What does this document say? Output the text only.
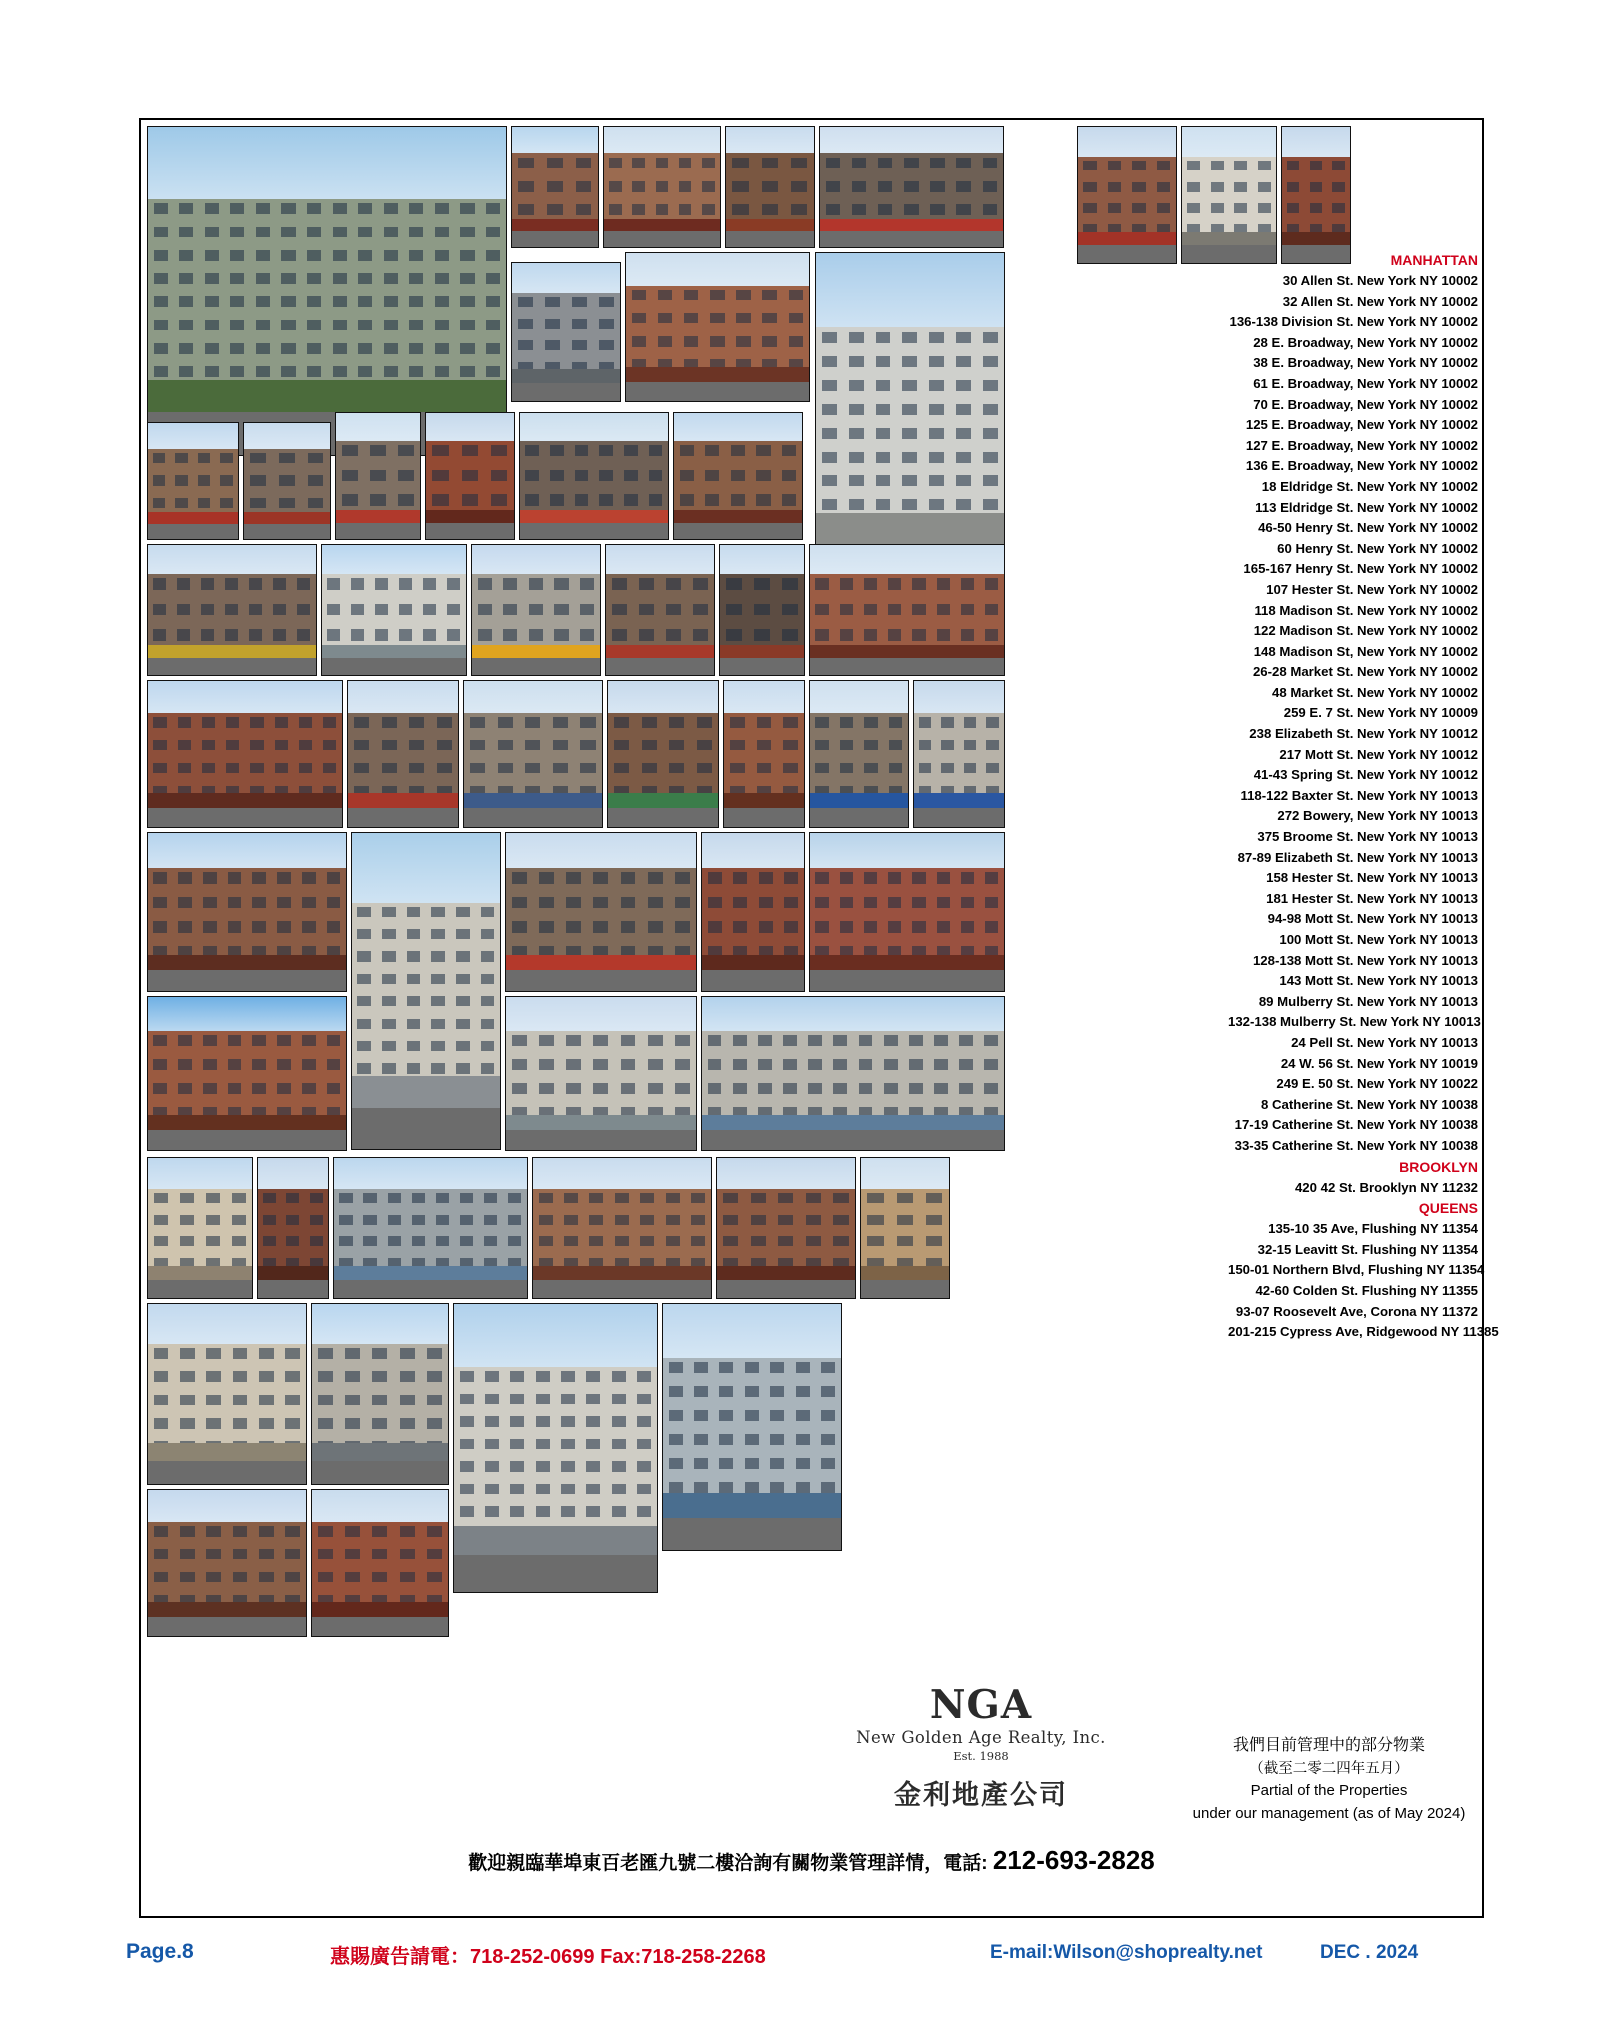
MANHATTAN
30 Allen St. New York NY 10002
32 Allen St. New York NY 10002
136-138 Division St. New York NY 10002
28 E. Broadway, New York NY 10002
38 E. Broadway, New York NY 10002
61 E. Broadway, New York NY 10002
70 E. Broadway, New York NY 10002
125 E. Broadway, New York NY 10002
127 E. Broadway, New York NY 10002
136 E. Broadway, New York NY 10002
18 Eldridge St. New York NY 10002
113 Eldridge St. New York NY 10002
46-50 Henry St. New York NY 10002
60 Henry St. New York NY 10002
165-167 Henry St. New York NY 10002
107 Hester St. New York NY 10002
118 Madison St. New York NY 10002
122 Madison St. New York NY 10002
148 Madison St, New York NY 10002
26-28 Market St. New York NY 10002
48 Market St. New York NY 10002
259 E. 7 St. New York NY 10009
238 Elizabeth St. New York NY 10012
217 Mott St. New York NY 10012
41-43 Spring St. New York NY 10012
118-122 Baxter St. New York NY 10013
272 Bowery, New York NY 10013
375 Broome St. New York NY 10013
87-89 Elizabeth St. New York NY 10013
158 Hester St. New York NY 10013
181 Hester St. New York NY 10013
94-98 Mott St. New York NY 10013
100 Mott St. New York NY 10013
128-138 Mott St. New York NY 10013
143 Mott St. New York NY 10013
89 Mulberry St. New York NY 10013
132-138 Mulberry St. New York NY 10013
24 Pell St. New York NY 10013
24 W. 56 St. New York NY 10019
249 E. 50 St. New York NY 10022
8 Catherine St. New York NY 10038
17-19 Catherine St. New York NY 10038
33-35 Catherine St. New York NY 10038
BROOKLYN
420 42 St. Brooklyn NY 11232
QUEENS
135-10 35 Ave, Flushing NY 11354
32-15 Leavitt St. Flushing NY 11354
150-01 Northern Blvd, Flushing NY 11354
42-60 Colden St. Flushing NY 11355
93-07 Roosevelt Ave, Corona NY 11372
201-215 Cypress Ave, Ridgewood NY 11385
NGA
New Golden Age Realty, Inc.
Est. 1988
金利地產公司
我們目前管理中的部分物業
（截至二零二四年五月）
Partial of the Properties
under our management (as of May 2024)
歡迎親臨華埠東百老匯九號二樓洽詢有關物業管理詳情，電話: 212-693-2828
Page.8	惠賜廣告請電：718-252-0699 Fax:718-258-2268	E-mail:Wilson@shoprealty.net	DEC . 2024
